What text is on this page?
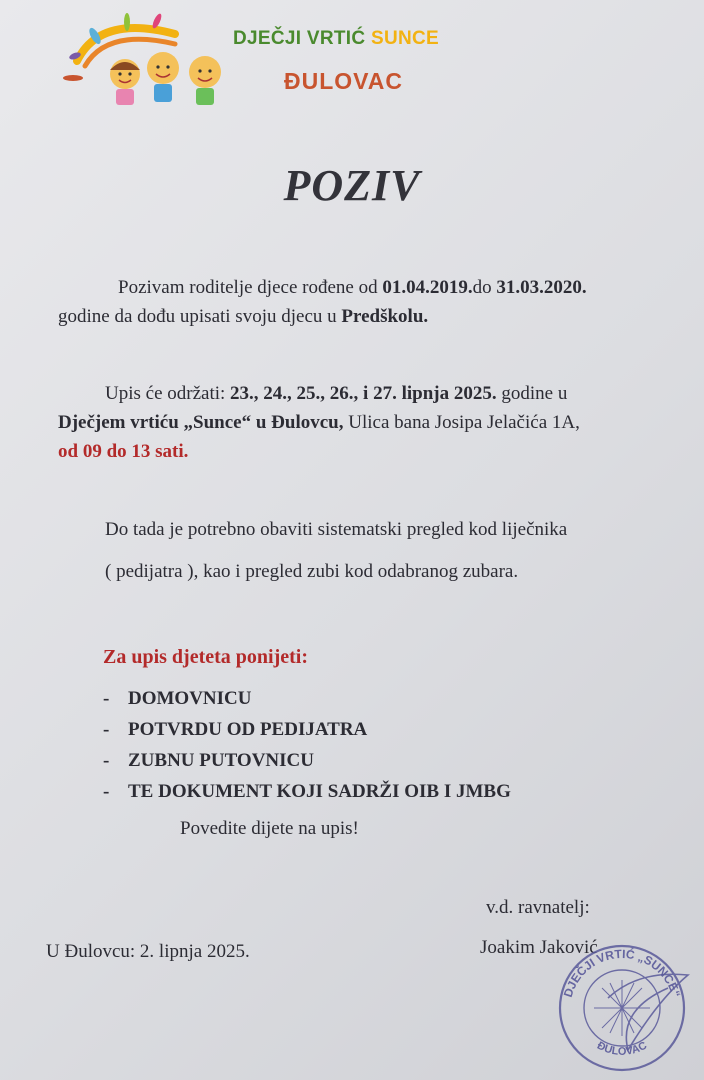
DJEČJI VRTIĆ SUNCE
ĐULOVAC
POZIV
Pozivam roditelje djece rođene od 01.04.2019.do 31.03.2020.
godine da dođu upisati svoju djecu u Predškolu.
Upis će održati: 23., 24., 25., 26., i 27. lipnja 2025. godine u
Dječjem vrtiću „Sunce“ u Đulovcu, Ulica bana Josipa Jelačića 1A,
od 09 do 13 sati.
Do tada je potrebno obaviti sistematski pregled kod liječnika
( pedijatra ), kao i pregled zubi kod odabranog zubara.
Za upis djeteta ponijeti:
- DOMOVNICU
- POTVRDU OD PEDIJATRA
- ZUBNU PUTOVNICU
- TE DOKUMENT KOJI SADRŽI OIB I JMBG
Povedite dijete na upis!
v.d. ravnatelj:
U Đulovcu: 2. lipnja 2025.	Joakim Jaković
DJEČJI VRTIĆ „SUNCE“
ĐULOVAC
